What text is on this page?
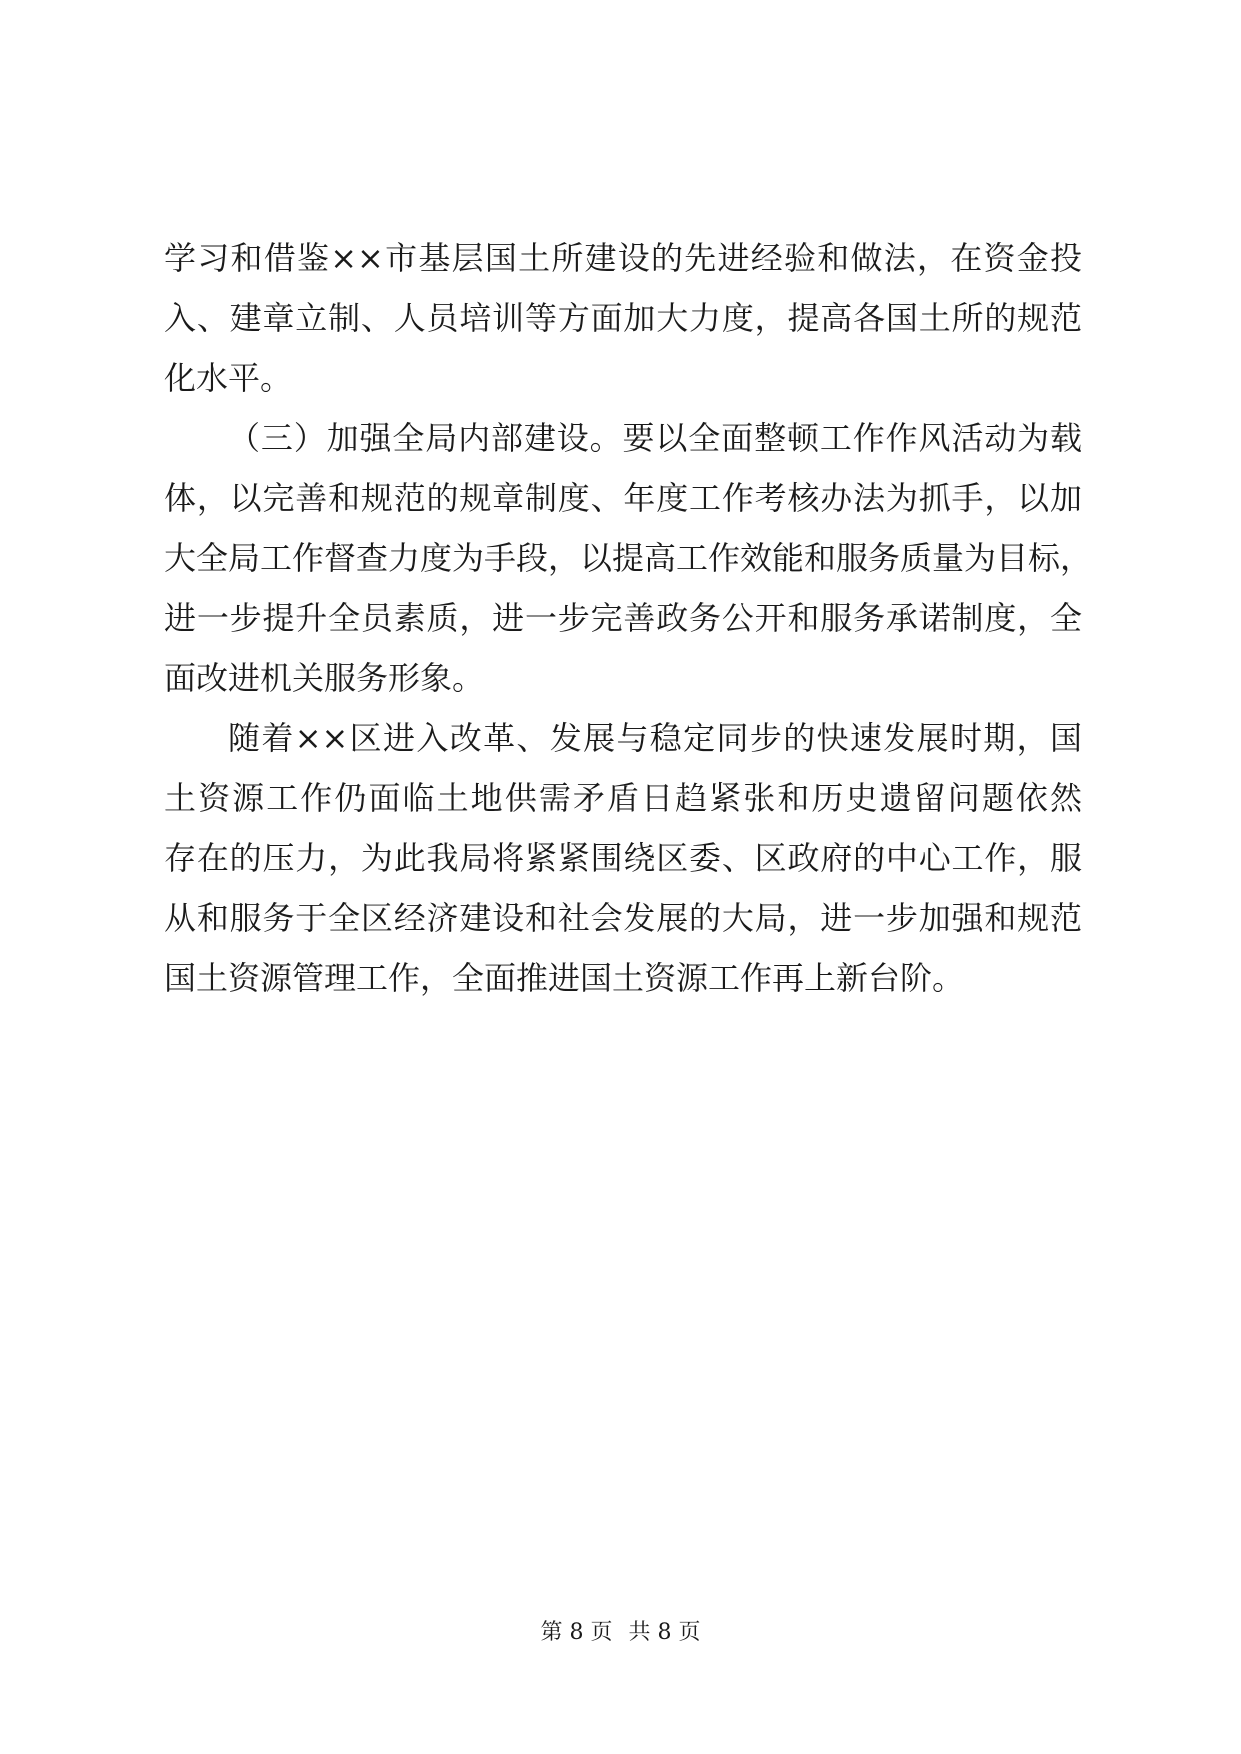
学习和借鉴××市基层国土所建设的先进经验和做法，在资金投
入、建章立制、人员培训等方面加大力度，提高各国土所的规范
化水平。
（三）加强全局内部建设。要以全面整顿工作作风活动为载
体，以完善和规范的规章制度、年度工作考核办法为抓手，以加
大全局工作督查力度为手段，以提高工作效能和服务质量为目标，
进一步提升全员素质，进一步完善政务公开和服务承诺制度，全
面改进机关服务形象。
随着××区进入改革、发展与稳定同步的快速发展时期，国
土资源工作仍面临土地供需矛盾日趋紧张和历史遗留问题依然
存在的压力，为此我局将紧紧围绕区委、区政府的中心工作，服
从和服务于全区经济建设和社会发展的大局，进一步加强和规范
国土资源管理工作，全面推进国土资源工作再上新台阶。
第 8 页 共 8 页
